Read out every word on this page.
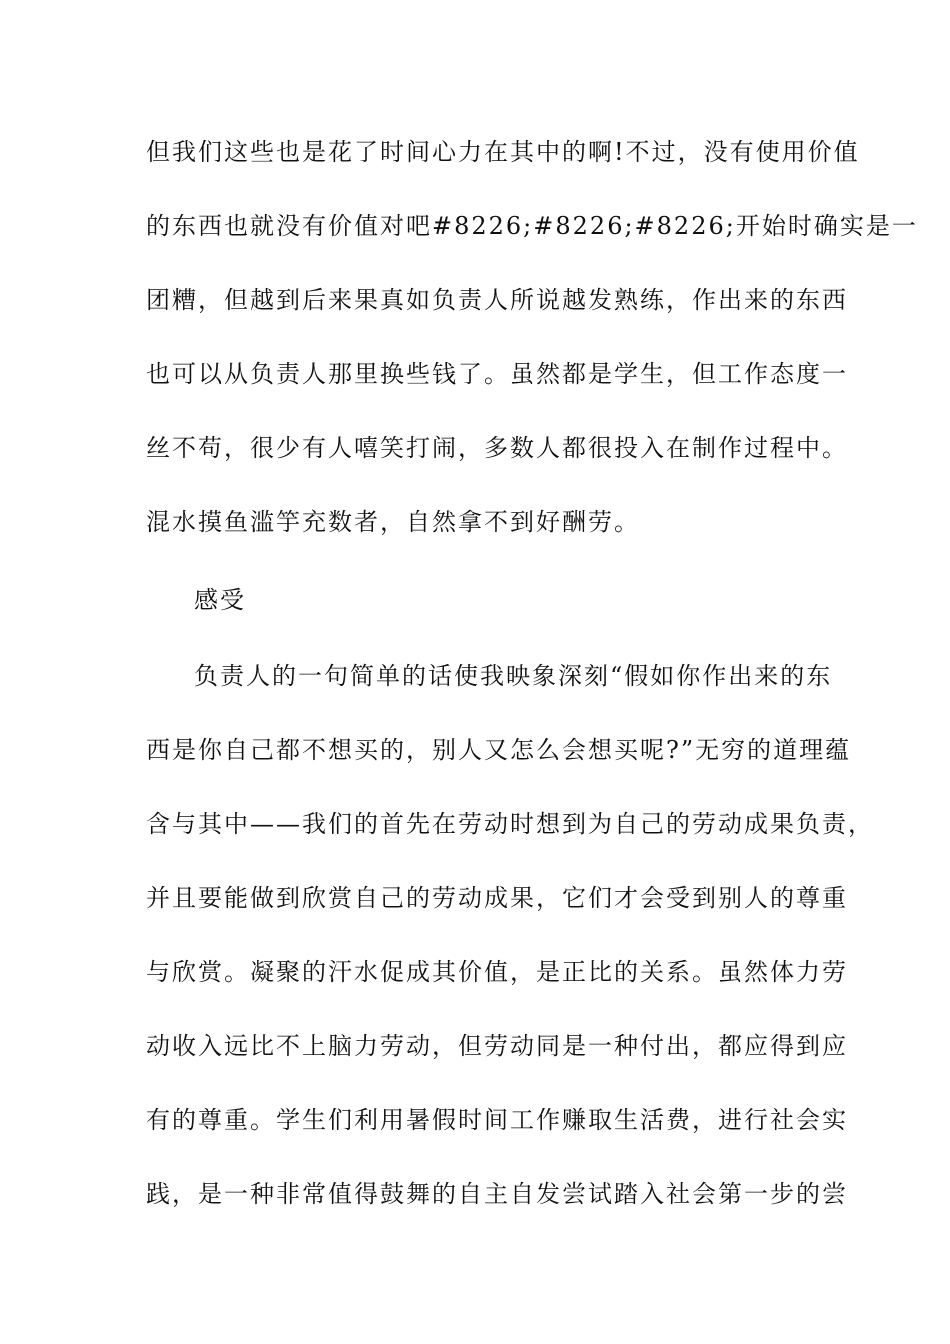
但我们这些也是花了时间心力在其中的啊!不过，没有使用价值
的东西也就没有价值对吧#8226;#8226;#8226;开始时确实是一
团糟，但越到后来果真如负责人所说越发熟练，作出来的东西
也可以从负责人那里换些钱了。虽然都是学生，但工作态度一
丝不苟，很少有人嘻笑打闹，多数人都很投入在制作过程中。
混水摸鱼滥竽充数者，自然拿不到好酬劳。
感受
负责人的一句简单的话使我映象深刻“假如你作出来的东
西是你自己都不想买的，别人又怎么会想买呢?”无穷的道理蕴
含与其中——我们的首先在劳动时想到为自己的劳动成果负责，
并且要能做到欣赏自己的劳动成果，它们才会受到别人的尊重
与欣赏。凝聚的汗水促成其价值，是正比的关系。虽然体力劳
动收入远比不上脑力劳动，但劳动同是一种付出，都应得到应
有的尊重。学生们利用暑假时间工作赚取生活费，进行社会实
践，是一种非常值得鼓舞的自主自发尝试踏入社会第一步的尝
